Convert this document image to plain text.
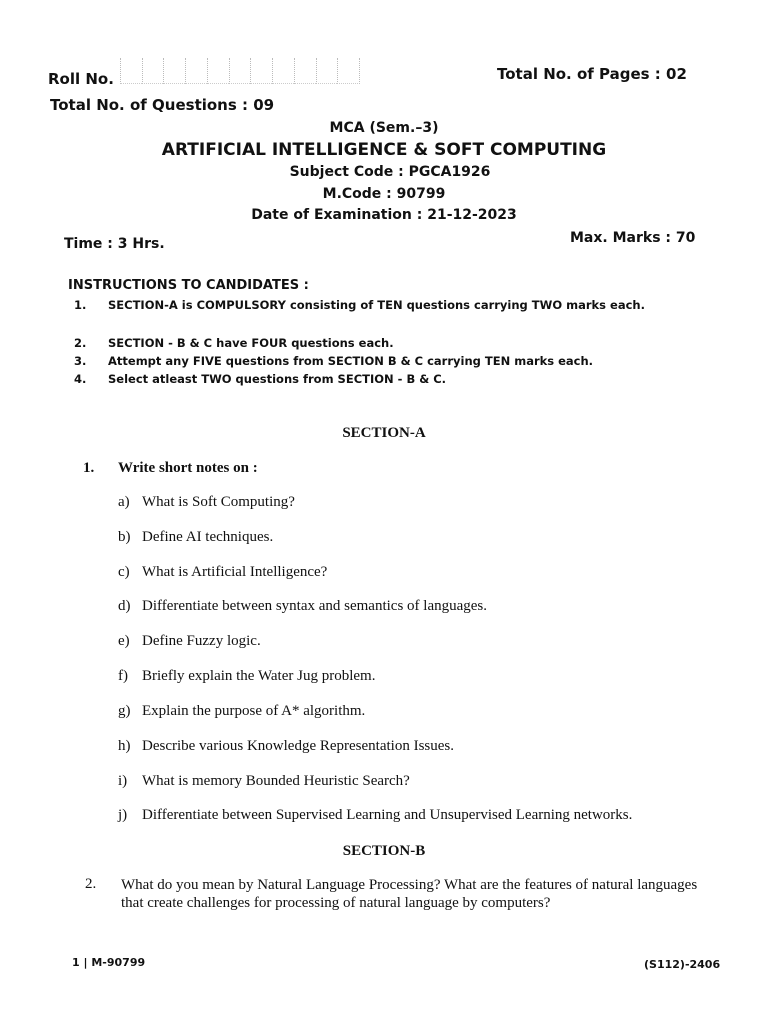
Roll No.	Total No. of Pages : 02
Total No. of Questions : 09
MCA (Sem.–3)
ARTIFICIAL INTELLIGENCE & SOFT COMPUTING
Subject Code : PGCA1926
M.Code : 90799
Date of Examination : 21-12-2023
Time : 3 Hrs.	Max. Marks : 70
INSTRUCTIONS TO CANDIDATES :
1. SECTION-A is COMPULSORY consisting of TEN questions carrying TWO marks each.
2. SECTION - B & C have FOUR questions each.
3. Attempt any FIVE questions from SECTION B & C carrying TEN marks each.
4. Select atleast TWO questions from SECTION - B & C.
SECTION-A
1. Write short notes on :
a) What is Soft Computing?
b) Define AI techniques.
c) What is Artificial Intelligence?
d) Differentiate between syntax and semantics of languages.
e) Define Fuzzy logic.
f) Briefly explain the Water Jug problem.
g) Explain the purpose of A* algorithm.
h) Describe various Knowledge Representation Issues.
i) What is memory Bounded Heuristic Search?
j) Differentiate between Supervised Learning and Unsupervised Learning networks.
SECTION-B
2. What do you mean by Natural Language Processing? What are the features of natural languages that create challenges for processing of natural language by computers?
1 | M-90799	(S112)-2406
